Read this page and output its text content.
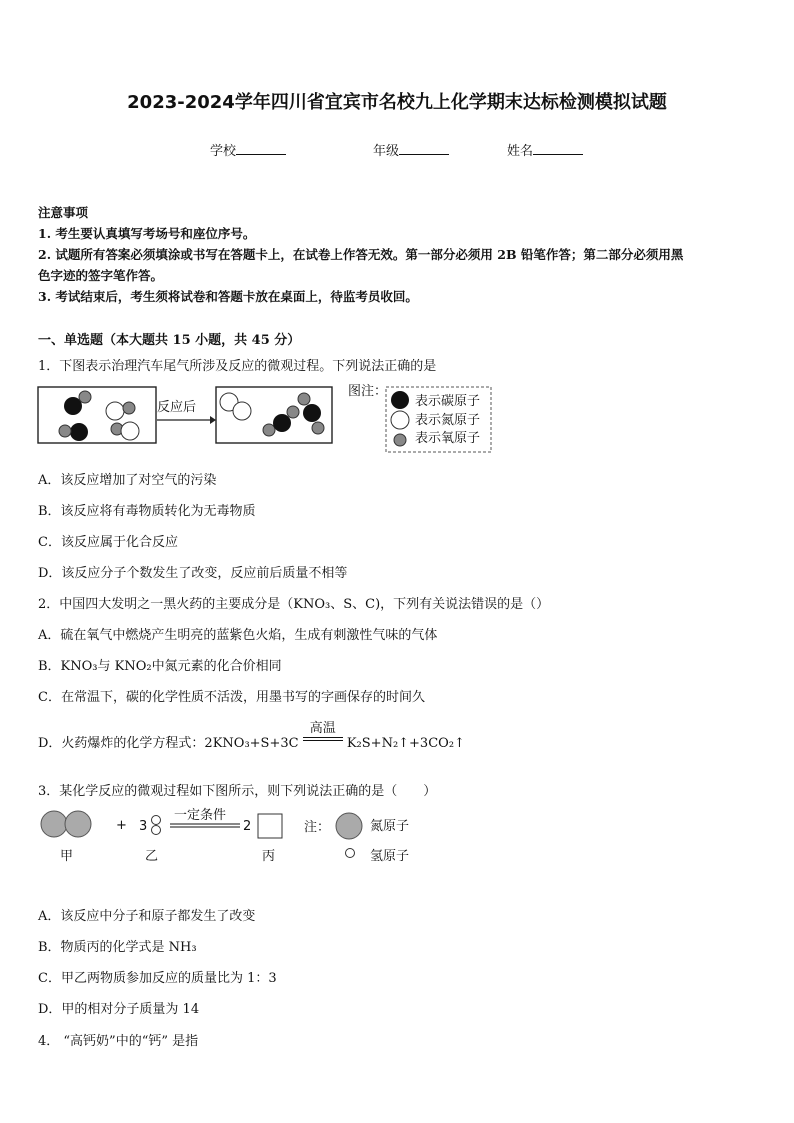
2023-2024学年四川省宜宾市名校九上化学期末达标检测模拟试题
学校	年级	姓名
注意事项
1. 考生要认真填写考场号和座位序号。
2. 试题所有答案必须填涂或书写在答题卡上，在试卷上作答无效。第一部分必须用 2B 铅笔作答；第二部分必须用黑
色字迹的签字笔作答。
3. 考试结束后，考生须将试卷和答题卡放在桌面上，待监考员收回。
一、单选题（本大题共 15 小题，共 45 分）
1．下图表示治理汽车尾气所涉及反应的微观过程。下列说法正确的是
反应后
图注：
表示碳原子
表示氮原子
表示氧原子
A．该反应增加了对空气的污染
B．该反应将有毒物质转化为无毒物质
C．该反应属于化合反应
D．该反应分子个数发生了改变，反应前后质量不相等
2．中国四大发明之一黑火药的主要成分是（KNO₃、S、C)，下列有关说法错误的是（）
A．硫在氧气中燃烧产生明亮的蓝紫色火焰，生成有刺激性气味的气体
B．KNO₃与 KNO₂中氮元素的化合价相同
C．在常温下，碳的化学性质不活泼，用墨书写的字画保存的时间久
D．火药爆炸的化学方程式：2KNO₃+S+3C
高温
K₂S+N₂↑+3CO₂↑
3．某化学反应的微观过程如下图所示，则下列说法正确的是（　　）
+ 3
一定条件
2	注：	氮原子
甲	乙	丙	氢原子
A．该反应中分子和原子都发生了改变
B．物质丙的化学式是 NH₃
C．甲乙两物质参加反应的质量比为 1：3
D．甲的相对分子质量为 14
4． “高钙奶”中的“钙” 是指
